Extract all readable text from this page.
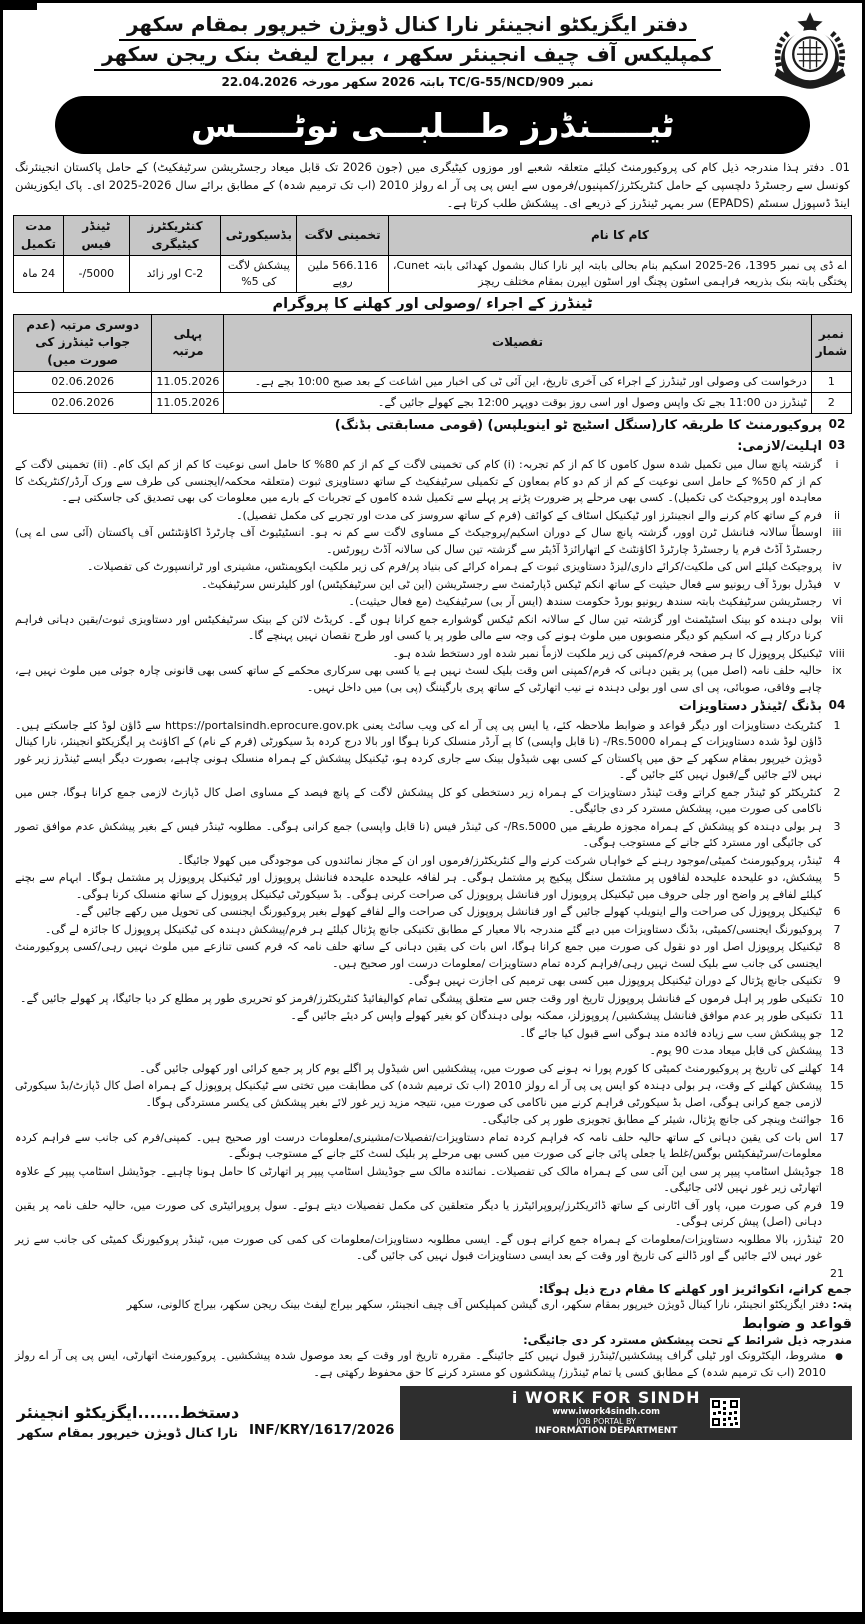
دفتر ایگزیکٹو انجینئر نارا کنال ڈویژن خیرپور بمقام سکھر
کمپلیکس آف چیف انجینئر سکھر ، بیراج لیفٹ بنک ریجن سکھر
نمبر TC/G-55/NCD/909 بابتہ 2026 سکھر مورخہ 22.04.2026
ٹیـــــنڈرز طـــلبـــی نوٹـــــس
01۔ دفتر ہذا مندرجہ ذیل کام کی پروکیورمنٹ کیلئے متعلقہ شعبے اور موزوں کیٹیگری میں (جون 2026 تک قابل میعاد رجسٹریشن سرٹیفکیٹ) کے حامل پاکستان انجینئرنگ کونسل سے رجسٹرڈ دلچسپی کے حامل کنٹریکٹرز/کمپنیوں/فرموں سے ایس پی پی آر اے رولز 2010 (اب تک ترمیم شدہ) کے مطابق برائے سال 2026-2025 ای۔ پاک ایکوزیشن اینڈ ڈسپوزل سسٹم (EPADS) سر بمہر ٹینڈرز کے ذریعے ای۔ پیشکش طلب کرتا ہے۔
کام کا نام	تخمینی لاگت	بڈسیکورٹی	کنٹریکٹرز کیٹیگری	ٹینڈر فیس	مدت تکمیل
اے ڈی پی نمبر 1395، 26-2025 اسکیم بنام بحالی بابتہ اپر نارا کنال بشمول کھدائی بابتہ Cunet، پختگی بابتہ بنک بذریعہ فراہمی اسٹون پچنگ اور اسٹون ایپرن بمقام مختلف ریچز	566.116 ملین روپے	پیشکش لاگت کی 5%	C-2 اور زائد	5000/-	24 ماہ
ٹینڈرز کے اجراء /وصولی اور کھلنے کا پروگرام
نمبر شمار	تفصیلات	پہلی مرتبہ	دوسری مرتبہ (عدم جواب ٹینڈرز کی صورت میں)
1	درخواست کی وصولی اور ٹینڈرز کے اجراء کی آخری تاریخ، این آئی ٹی کی اخبار میں اشاعت کے بعد صبح 10:00 بجے ہے۔	11.05.2026	02.06.2026
2	ٹینڈرز دن 11:00 بجے تک واپس وصول اور اسی روز بوقت دوپہر 12:00 بجے کھولے جائیں گے۔	11.05.2026	02.06.2026
02
پروکیورمنٹ کا طریقہ کار(سنگل اسٹیج ٹو اینویلپس) (قومی مسابقتی بڈنگ)
03
اہلیت/لازمی:
i
گزشتہ پانچ سال میں تکمیل شدہ سول کاموں کا کم از کم تجربہ: (i) کام کی تخمینی لاگت کے کم از کم 80% کا حامل اسی نوعیت کا کم از کم ایک کام۔ (ii) تخمینی لاگت کے کم از کم 50% کے حامل اسی نوعیت کے کم از کم دو کام بمعاون کے تکمیلی سرٹیفکیٹ کے ساتھ دستاویزی ثبوت (متعلقہ محکمہ/ایجنسی کی طرف سے ورک آرڈر/کنٹریکٹ کا معاہدہ اور پروجیکٹ کی تکمیل)۔ کسی بھی مرحلے پر ضرورت پڑنے پر پہلے سے تکمیل شدہ کاموں کے تجربات کے بارے میں معلومات کی بھی تصدیق کی جاسکتی ہے۔
ii
فرم کے ساتھ کام کرنے والے انجینئرز اور ٹیکنیکل اسٹاف کے کوائف (فرم کے ساتھ سروسز کی مدت اور تجربے کی مکمل تفصیل)۔
iii
اوسطاً سالانہ فنانشل ٹرن اوور، گزشتہ پانچ سال کے دوران اسکیم/پروجیکٹ کے مساوی لاگت سے کم نہ ہو۔ انسٹیٹیوٹ آف چارٹرڈ اکاؤنٹنٹس آف پاکستان (آئی سی اے پی) رجسٹرڈ آڈٹ فرم یا رجسٹرڈ چارٹرڈ اکاؤنٹنٹ کے اتھارائزڈ آڈیٹر سے گزشتہ تین سال کی سالانہ آڈٹ رپورٹس۔
iv
پروجیکٹ کیلئے اس کی ملکیت/کرائے داری/لیزڈ دستاویزی ثبوت کے ہمراہ کرائے کی بنیاد پر/فرم کی زیر ملکیت ایکوپمنٹس، مشینری اور ٹرانسپورٹ کی تفصیلات۔
v
فیڈرل بورڈ آف ریونیو سے فعال حیثیت کے ساتھ انکم ٹیکس ڈپارٹمنٹ سے رجسٹریشن (این ٹی این سرٹیفکیٹس) اور کلیئرنس سرٹیفکیٹ۔
vi
رجسٹریشن سرٹیفکیٹ بابتہ سندھ ریونیو بورڈ حکومت سندھ (ایس آر بی) سرٹیفکیٹ (مع فعال حیثیت)۔
vii
بولی دہندہ کو بینک اسٹیٹمنٹ اور گزشتہ تین سال کے سالانہ انکم ٹیکس گوشوارے جمع کرانا ہوں گے۔ کریڈٹ لائن کے بینک سرٹیفکیٹس اور دستاویزی ثبوت/یقین دہانی فراہم کرنا درکار ہے کہ اسکیم کو دیگر منصوبوں میں ملوث ہونے کی وجہ سے مالی طور پر یا کسی اور طرح نقصان نہیں پہنچے گا۔
viii
ٹیکنیکل پروپوزل کا ہر صفحہ فرم/کمپنی کی زیر ملکیت لازماً نمبر شدہ اور دستخط شدہ ہو۔
ix
حالیہ حلف نامہ (اصل میں) پر یقین دہانی کہ فرم/کمپنی اس وقت بلیک لسٹ نہیں ہے یا کسی بھی سرکاری محکمے کے ساتھ کسی بھی قانونی چارہ جوئی میں ملوث نہیں ہے، چاہے وفاقی، صوبائی، پی ای سی اور بولی دہندہ نے نیب اتھارٹی کے ساتھ پری بارگیننگ (پی بی) میں داخل نہیں۔
04
بڈنگ /ٹینڈر دستاویزات
1
کنٹریکٹ دستاویزات اور دیگر قواعد و ضوابط ملاحظہ کئے، یا ایس پی پی آر اے کی ویب سائٹ یعنی https://portalsindh.eprocure.gov.pk سے ڈاؤن لوڈ کئے جاسکتے ہیں۔ ڈاؤن لوڈ شدہ دستاویزات کے ہمراہ Rs.5000/- (نا قابل واپسی) کا پے آرڈر منسلک کرنا ہوگا اور بالا درج کردہ بڈ سیکورٹی (فرم کے نام) کے اکاؤنٹ پر ایگزیکٹو انجینئر، نارا کینال ڈویژن خیرپور بمقام سکھر کے حق میں پاکستان کے کسی بھی شیڈول بینک سے جاری کردہ ہو، ٹیکنیکل پیشکش کے ہمراہ منسلک ہونی چاہیے، بصورت دیگر ایسے ٹینڈرز زیر غور نہیں لائے جائیں گے/قبول نہیں کئے جائیں گے۔
2
کنٹریکٹر کو ٹینڈر جمع کراتے وقت ٹینڈر دستاویزات کے ہمراہ زیر دستخطی کو کل پیشکش لاگت کے پانچ فیصد کے مساوی اصل کال ڈپازٹ لازمی جمع کرانا ہوگا، جس میں ناکامی کی صورت میں، پیشکش مسترد کر دی جائیگی۔
3
ہر بولی دہندہ کو پیشکش کے ہمراہ مجوزہ طریقے میں Rs.5000/- کی ٹینڈر فیس (نا قابل واپسی) جمع کرانی ہوگی۔ مطلوبہ ٹینڈر فیس کے بغیر پیشکش عدم موافق تصور کی جائیگی اور مسترد کئے جانے کے مستوجب ہوگی۔
4
ٹینڈر، پروکیورمنٹ کمیٹی/موجود رہنے کے خواہاں شرکت کرنے والے کنٹریکٹرز/فرموں اور ان کے مجاز نمائندوں کی موجودگی میں کھولا جائیگا۔
5
پیشکش، دو علیحدہ علیحدہ لفافوں پر مشتمل سنگل پیکیج پر مشتمل ہوگی۔ ہر لفافہ علیحدہ علیحدہ فنانشل پروپوزل اور ٹیکنیکل پروپوزل پر مشتمل ہوگا۔ ابہام سے بچنے کیلئے لفافے پر واضح اور جلی حروف میں ٹیکنیکل پروپوزل اور فنانشل پروپوزل کی صراحت کرنی ہوگی۔ بڈ سیکورٹی ٹیکنیکل پروپوزل کے ساتھ منسلک کرنا ہوگی۔
6
ٹیکنیکل پروپوزل کی صراحت والے اینویلپ کھولے جائیں گے اور فنانشل پروپوزل کی صراحت والے لفافے کھولے بغیر پروکیورنگ ایجنسی کی تحویل میں رکھے جائیں گے۔
7
پروکیورنگ ایجنسی/کمیٹی، بڈنگ دستاویزات میں دیے گئے مندرجہ بالا معیار کے مطابق تکنیکی جانچ پڑتال کیلئے ہر فرم/پیشکش دہندہ کی ٹیکنیکل پروپوزل کا جائزہ لے گی۔
8
ٹیکنیکل پروپوزل اصل اور دو نقول کی صورت میں جمع کرانا ہوگا، اس بات کی یقین دہانی کے ساتھ حلف نامہ کہ فرم کسی تنازعے میں ملوث نہیں رہی/کسی پروکیورمنٹ ایجنسی کی جانب سے بلیک لسٹ نہیں رہی/فراہم کردہ تمام دستاویزات /معلومات درست اور صحیح ہیں۔
9
تکنیکی جانچ پڑتال کے دوران ٹیکنیکل پروپوزل میں کسی بھی ترمیم کی اجازت نہیں ہوگی۔
10
تکنیکی طور پر اہل فرموں کے فنانشل پروپوزل تاریخ اور وقت جس سے متعلق پیشگی تمام کوالیفائیڈ کنٹریکٹرز/فرمز کو تحریری طور پر مطلع کر دیا جائیگا، پر کھولے جائیں گے۔
11
تکنیکی طور پر عدم موافق فنانشل پیشکشیں/ پروپوزلز، ممکنہ بولی دہندگان کو بغیر کھولے واپس کر دیئے جائیں گے۔
12
جو پیشکش سب سے زیادہ فائدہ مند ہوگی اسے قبول کیا جائے گا۔
13
پیشکش کی قابل میعاد مدت 90 یوم۔
14
کھلنے کی تاریخ پر پروکیورمنٹ کمیٹی کا کورم پورا نہ ہونے کی صورت میں، پیشکشیں اس شیڈول پر اگلے یوم کار پر جمع کرائی اور کھولی جائیں گی۔
15
پیشکش کھلنے کے وقت، ہر بولی دہندہ کو ایس پی پی آر اے رولز 2010 (اب تک ترمیم شدہ) کی مطابقت میں تختی سے ٹیکنیکل پروپوزل کے ہمراہ اصل کال ڈپازٹ/بڈ سیکورٹی لازمی جمع کرانی ہوگی، اصل بڈ سیکورٹی فراہم کرنے میں ناکامی کی صورت میں، نتیجہ مزید زیر غور لائے بغیر پیشکش کی یکسر مستردگی ہوگا۔
16
جوائنٹ وینچر کی جانچ پڑتال، شیئر کے مطابق تجویزی طور پر کی جائیگی۔
17
اس بات کی یقین دہانی کے ساتھ حالیہ حلف نامہ کہ فراہم کردہ تمام دستاویزات/تفصیلات/مشینری/معلومات درست اور صحیح ہیں۔ کمپنی/فرم کی جانب سے فراہم کردہ معلومات/سرٹیفکیٹس بوگس/غلط یا جعلی پائی جانے کی صورت میں کسی بھی مرحلے پر بلیک لسٹ کئے جانے کے مستوجب ہونگے۔
18
جوڈیشل اسٹامپ پیپر پر سی این آئی سی کے ہمراہ مالک کی تفصیلات۔ نمائندہ مالک سے جوڈیشل اسٹامپ پیپر پر اتھارٹی کا حامل ہونا چاہیے۔ جوڈیشل اسٹامپ پیپر کے علاوہ اتھارٹی زیر غور نہیں لائی جائیگی۔
19
فرم کی صورت میں، پاور آف اٹارنی کے ساتھ ڈائریکٹرز/پروپرائیٹرز یا دیگر متعلقین کی مکمل تفصیلات دیتے ہوئے۔ سول پروپرائیٹری کی صورت میں، حالیہ حلف نامہ پر یقین دہانی (اصل) پیش کرنی ہوگی۔
20
ٹینڈرز، بالا مطلوبہ دستاویزات/معلومات کے ہمراہ جمع کرانے ہوں گے۔ ایسی مطلوبہ دستاویزات/معلومات کی کمی کی صورت میں، ٹینڈر پروکیورنگ کمیٹی کی جانب سے زیر غور نہیں لائے جائیں گے اور ڈالنے کی تاریخ اور وقت کے بعد ایسی دستاویزات قبول نہیں کی جائیں گی۔
21
جمع کرانے، انکوائریز اور کھلنے کا مقام درج ذیل ہوگا:
پتہ: دفتر ایگزیکٹو انجینئر، نارا کینال ڈویژن خیرپور بمقام سکھر، اری گیشن کمپلیکس آف چیف انجینئر، سکھر بیراج لیفٹ بینک ریجن سکھر، بیراج کالونی، سکھر
قواعد و ضوابط
مندرجہ ذیل شرائط کے تحت پیشکش مسترد کر دی جائیگی:
●
مشروط، الیکٹرونک اور ٹیلی گراف پیشکشیں/ٹینڈرز قبول نہیں کئے جائینگے۔ مقررہ تاریخ اور وقت کے بعد موصول شدہ پیشکشیں۔ پروکیورمنٹ اتھارٹی، ایس پی پی آر اے رولز 2010 (اب تک ترمیم شدہ) کے مطابق کسی یا تمام ٹینڈرز/ پیشکشوں کو مسترد کرنے کا حق محفوظ رکھتی ہے۔
دستخط.......ایگزیکٹو انجینئر
نارا کنال ڈویژن خیرپور بمقام سکھر INF/KRY/1617/2026
i WORK FOR SINDH
www.iwork4sindh.com
JOB PORTAL BY
INFORMATION DEPARTMENT
